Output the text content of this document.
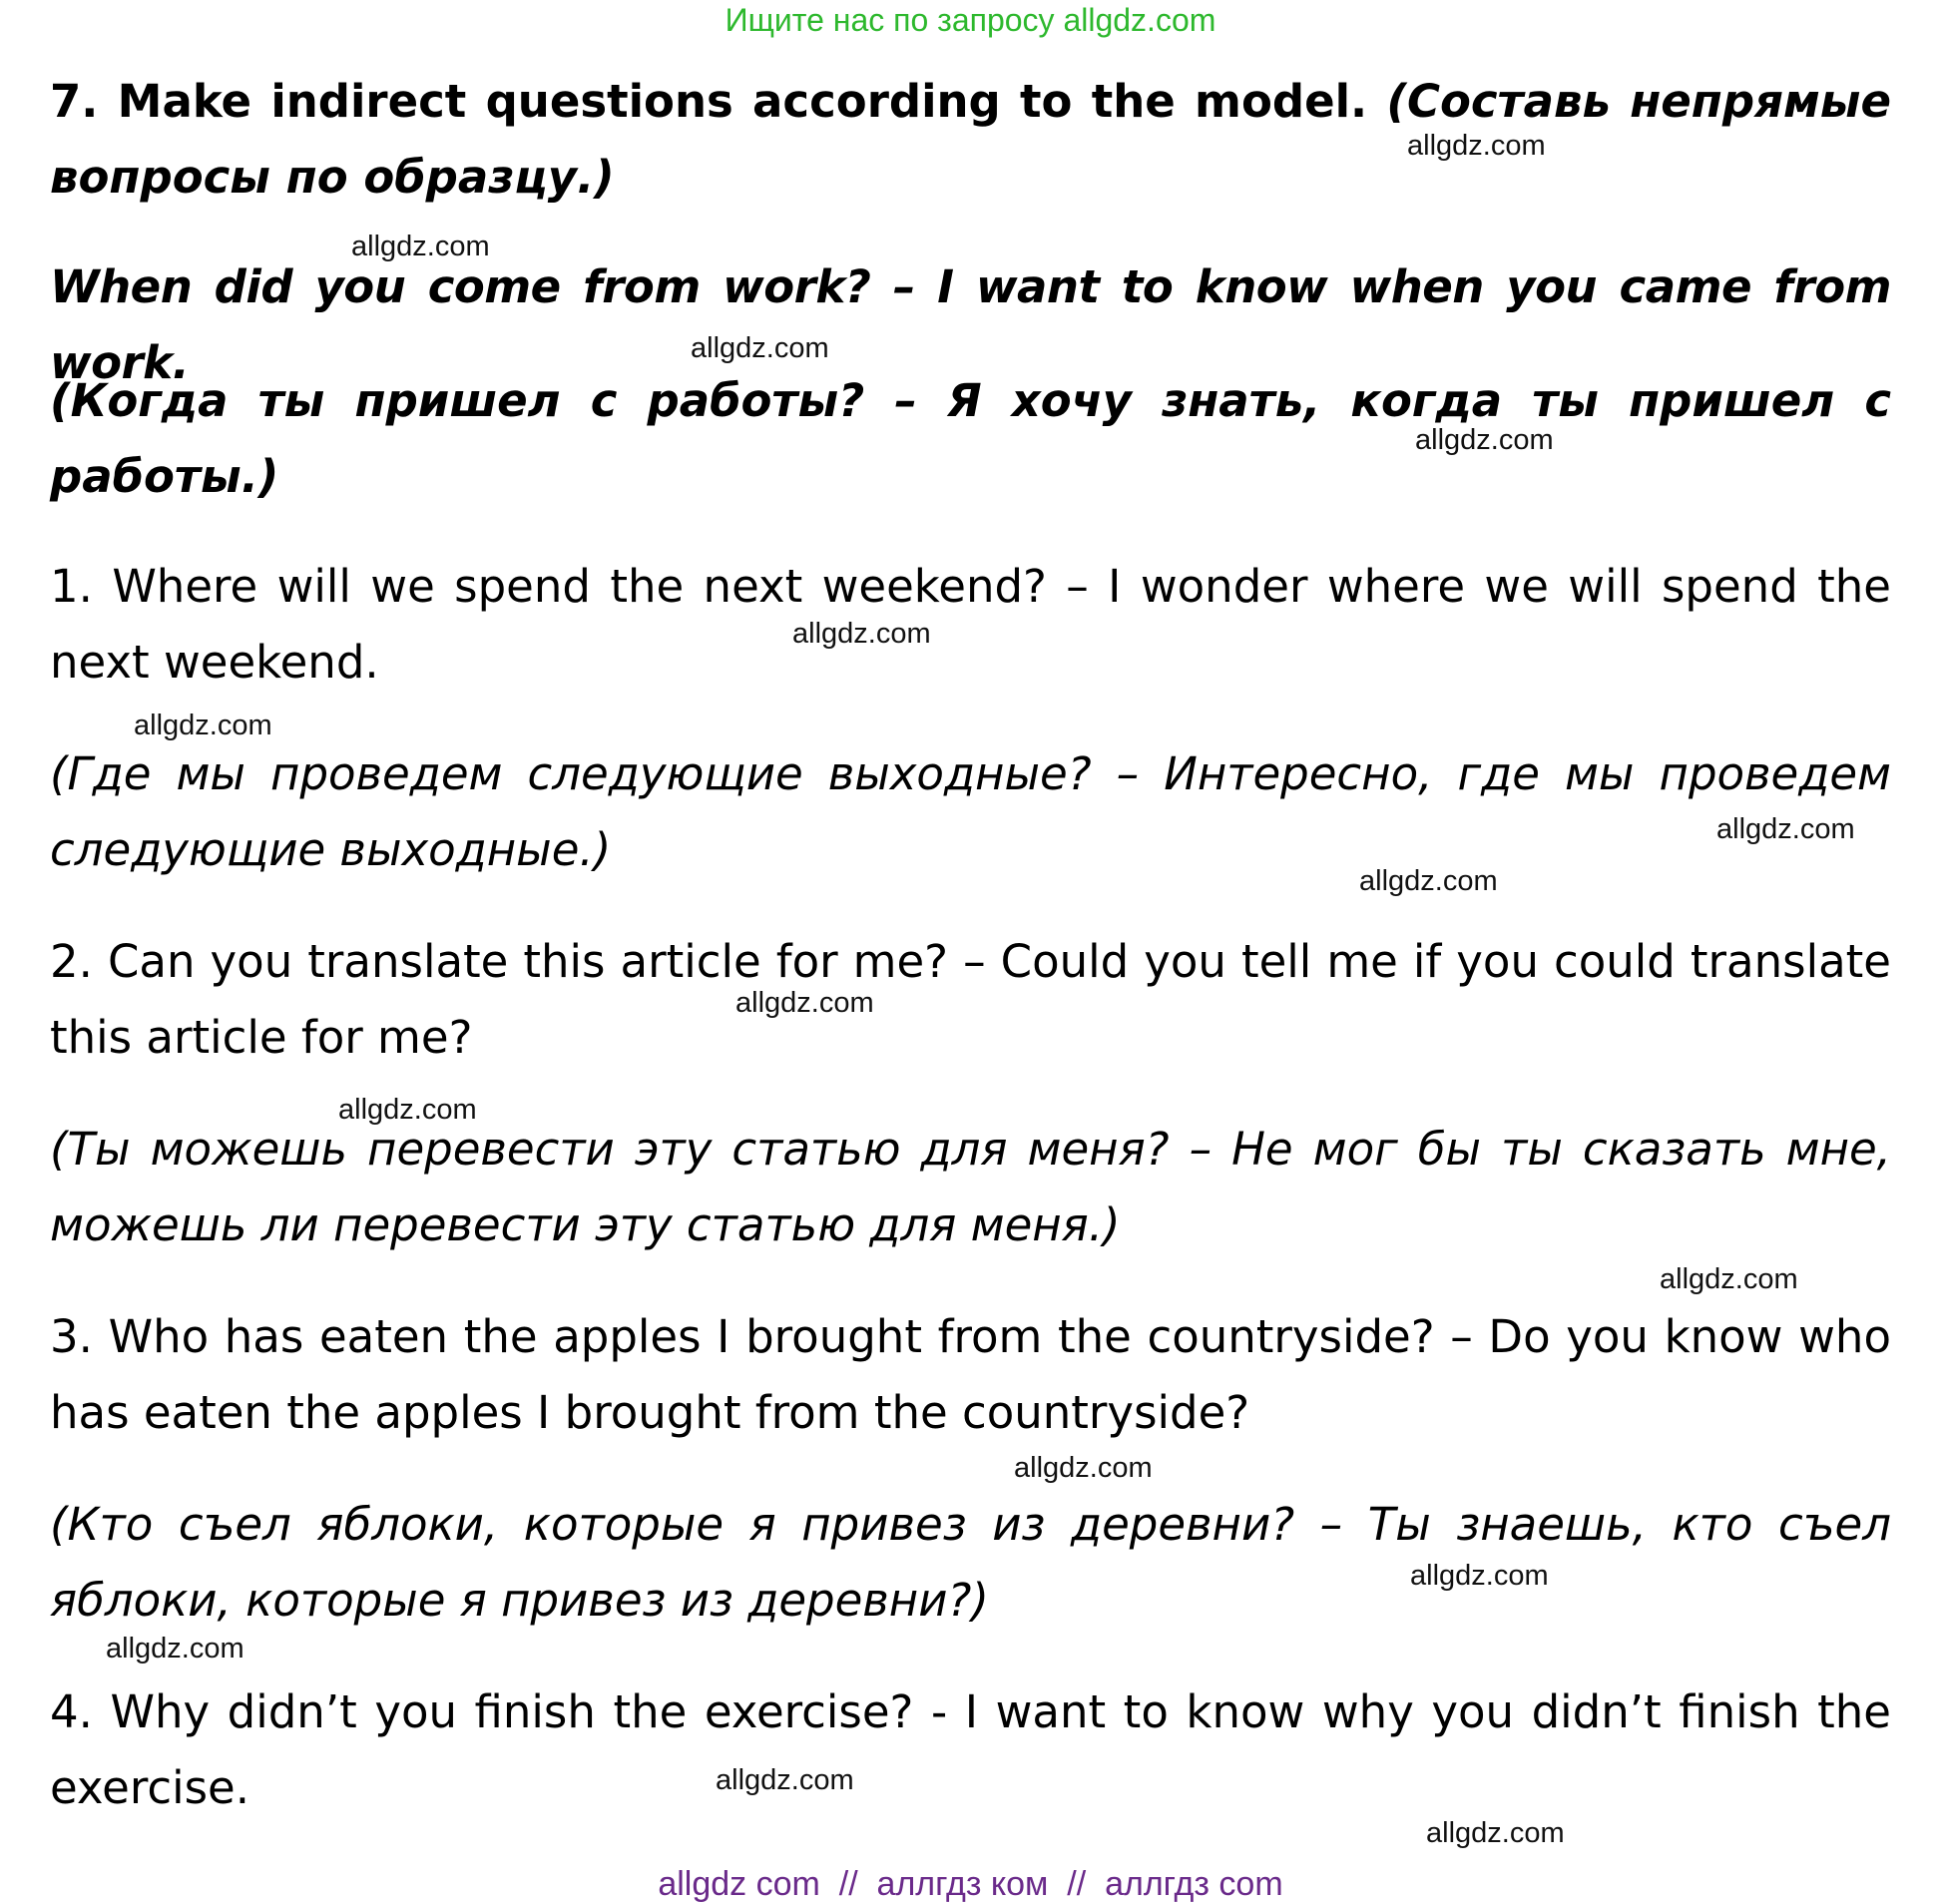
Ищите нас по запросу allgdz.com

7. Make indirect questions according to the model. (Составь непрямые вопросы по образцу.)

When did you come from work? – I want to know when you came from work.

(Когда ты пришел с работы? – Я хочу знать, когда ты пришел с работы.)

1. Where will we spend the next weekend? – I wonder where we will spend the next weekend.

(Где мы проведем следующие выходные? – Интересно, где мы проведем следующие выходные.)

2. Can you translate this article for me? – Could you tell me if you could translate this article for me?

(Ты можешь перевести эту статью для меня? – Не мог бы ты сказать мне, можешь ли перевести эту статью для меня.)

3. Who has eaten the apples I brought from the countryside? – Do you know who has eaten the apples I brought from the countryside?

(Кто съел яблоки, которые я привез из деревни? – Ты знаешь, кто съел яблоки, которые я привез из деревни?)

4. Why didn’t you finish the exercise? - I want to know why you didn’t finish the exercise.

allgdz.com
allgdz.com
allgdz.com
allgdz.com
allgdz.com
allgdz.com
allgdz.com
allgdz.com
allgdz.com
allgdz.com
allgdz.com
allgdz.com
allgdz.com
allgdz.com
allgdz.com
allgdz.com
allgdz com  //  аллгдз ком  //  аллгдз com
